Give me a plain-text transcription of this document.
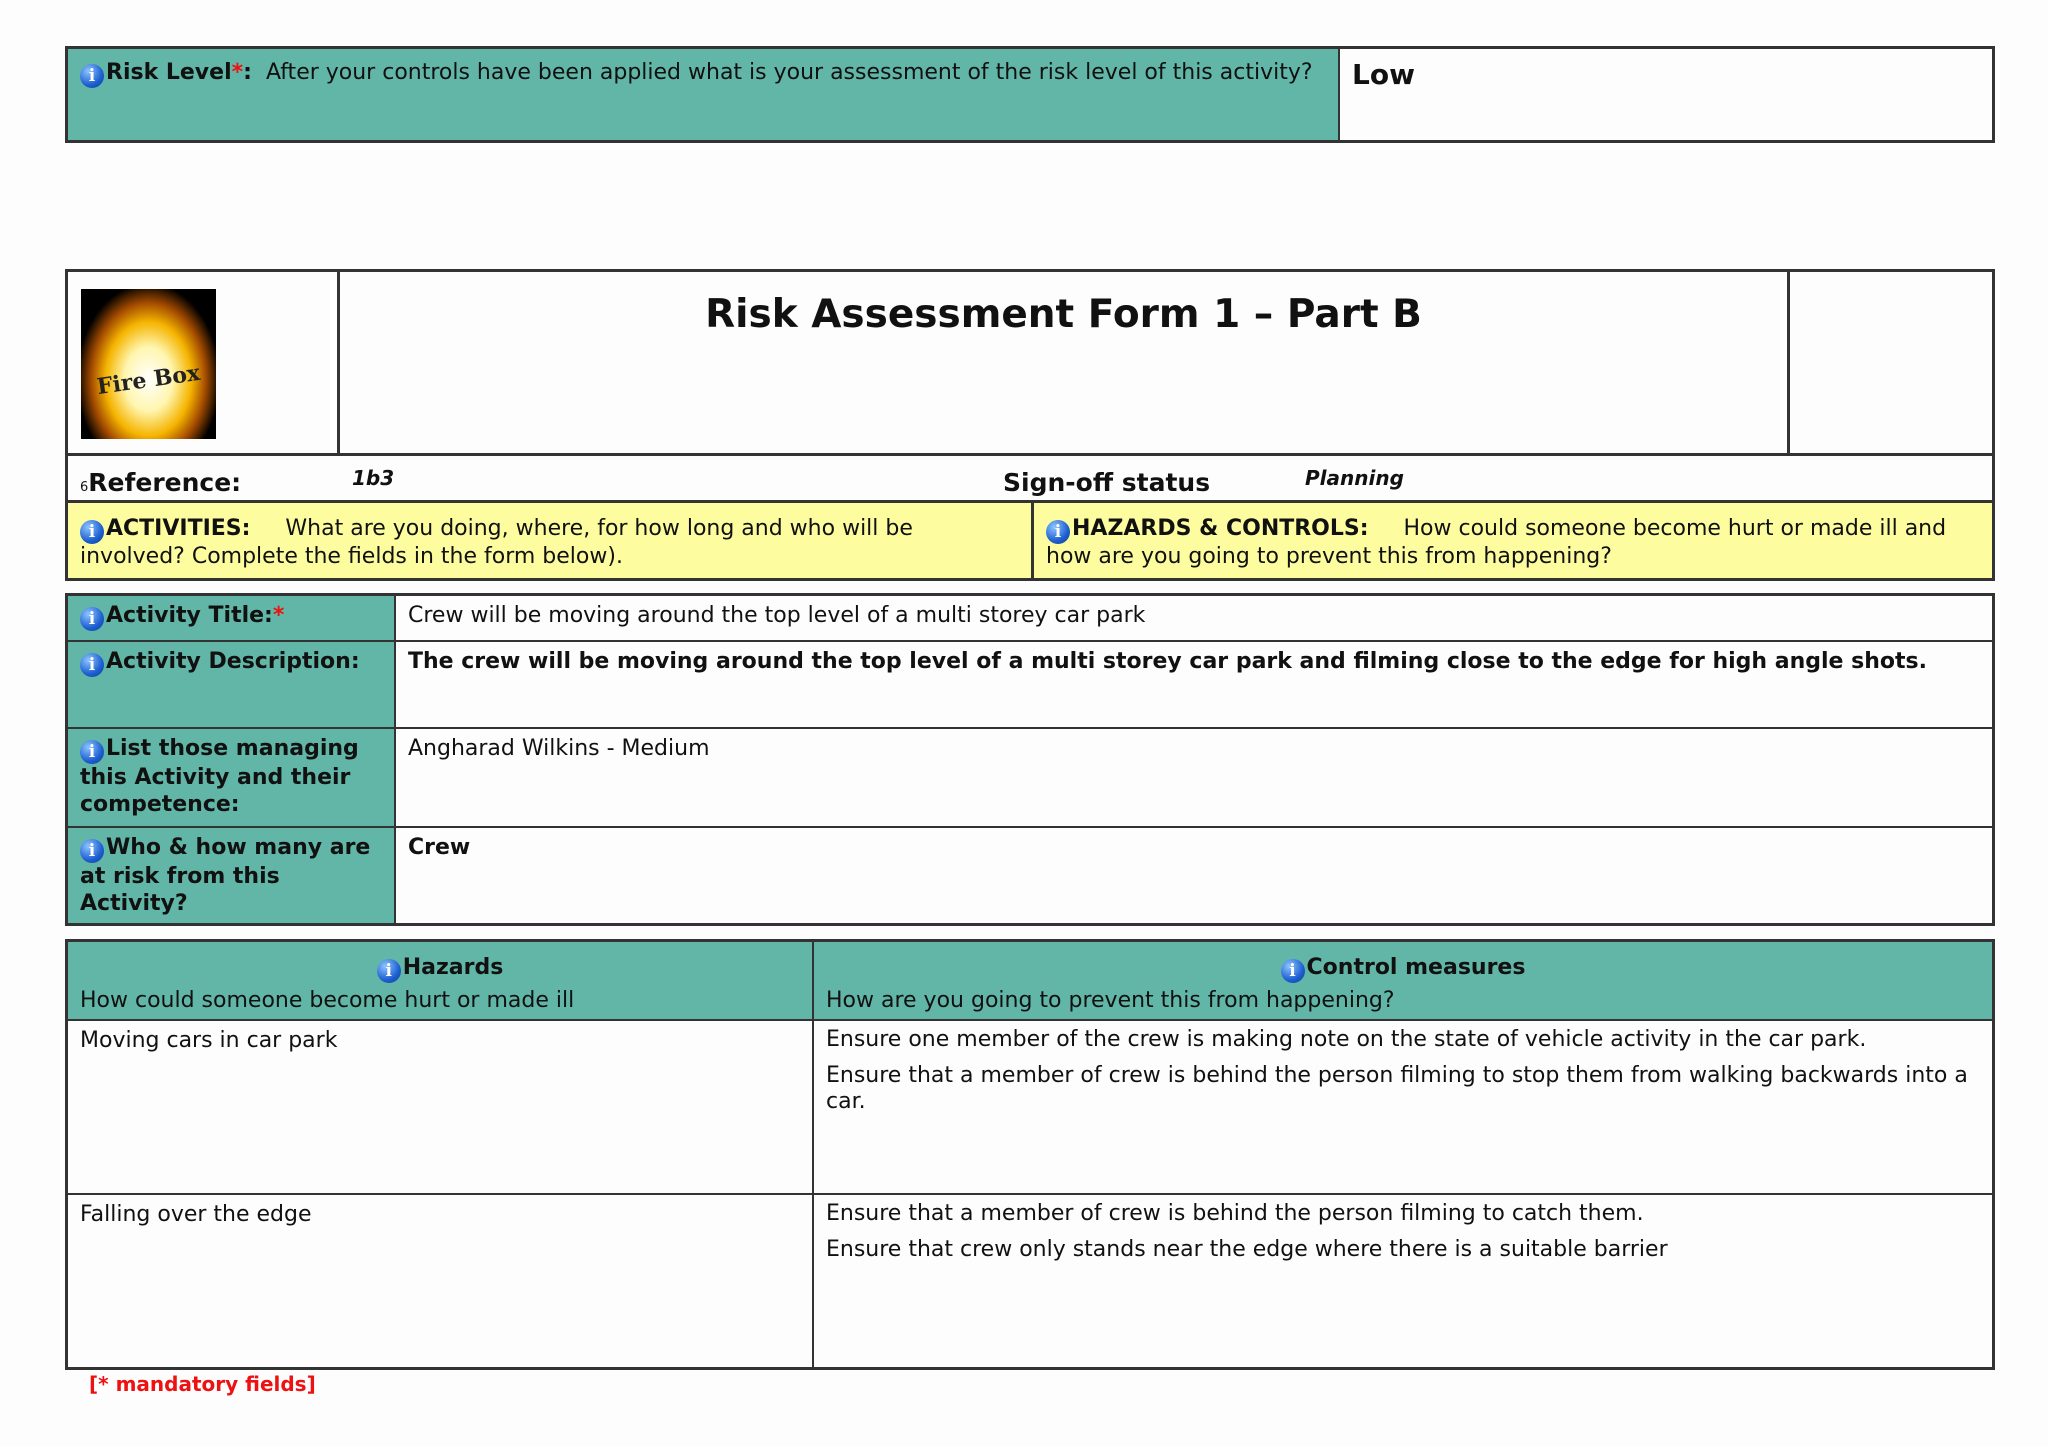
i Risk Level*: After your controls have been applied what is your assessment of the risk level of this activity?	Low
Fire Box
Risk Assessment Form 1 – Part B
6Reference:	1b3	Sign-off status	Planning
i ACTIVITIES: What are you doing, where, for how long and who will be involved? Complete the fields in the form below).
i HAZARDS & CONTROLS: How could someone become hurt or made ill and how are you going to prevent this from happening?
i Activity Title:*	Crew will be moving around the top level of a multi storey car park
i Activity Description:	The crew will be moving around the top level of a multi storey car park and filming close to the edge for high angle shots.
i List those managing this Activity and their competence:
Angharad Wilkins - Medium
i Who & how many are at risk from this Activity?
Crew
i Hazards
How could someone become hurt or made ill
i Control measures
How are you going to prevent this from happening?
Moving cars in car park	Ensure one member of the crew is making note on the state of vehicle activity in the car park.
Ensure that a member of crew is behind the person filming to stop them from walking backwards into a car.
Falling over the edge	Ensure that a member of crew is behind the person filming to catch them.
Ensure that crew only stands near the edge where there is a suitable barrier
[* mandatory fields]
